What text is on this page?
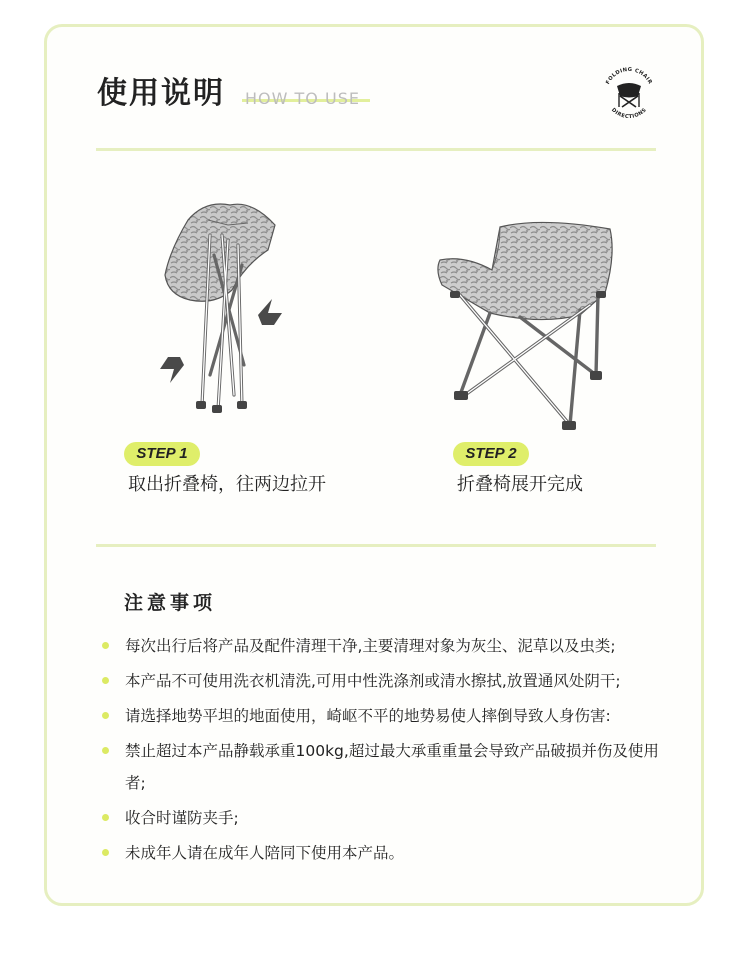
使用说明 HOW TO USE
FOLDING CHAIR
DIRECTIONS
STEP 1
取出折叠椅，往两边拉开
STEP 2
折叠椅展开完成
注意事项
每次出行后将产品及配件清理干净,主要清理对象为灰尘、泥草以及虫类;
本产品不可使用洗衣机清洗,可用中性洗涤剂或清水擦拭,放置通风处阴干;
请选择地势平坦的地面使用，崎岖不平的地势易使人摔倒导致人身伤害:
禁止超过本产品静载承重100kg,超过最大承重重量会导致产品破损并伤及使用者;
收合时谨防夹手;
未成年人请在成年人陪同下使用本产品。
